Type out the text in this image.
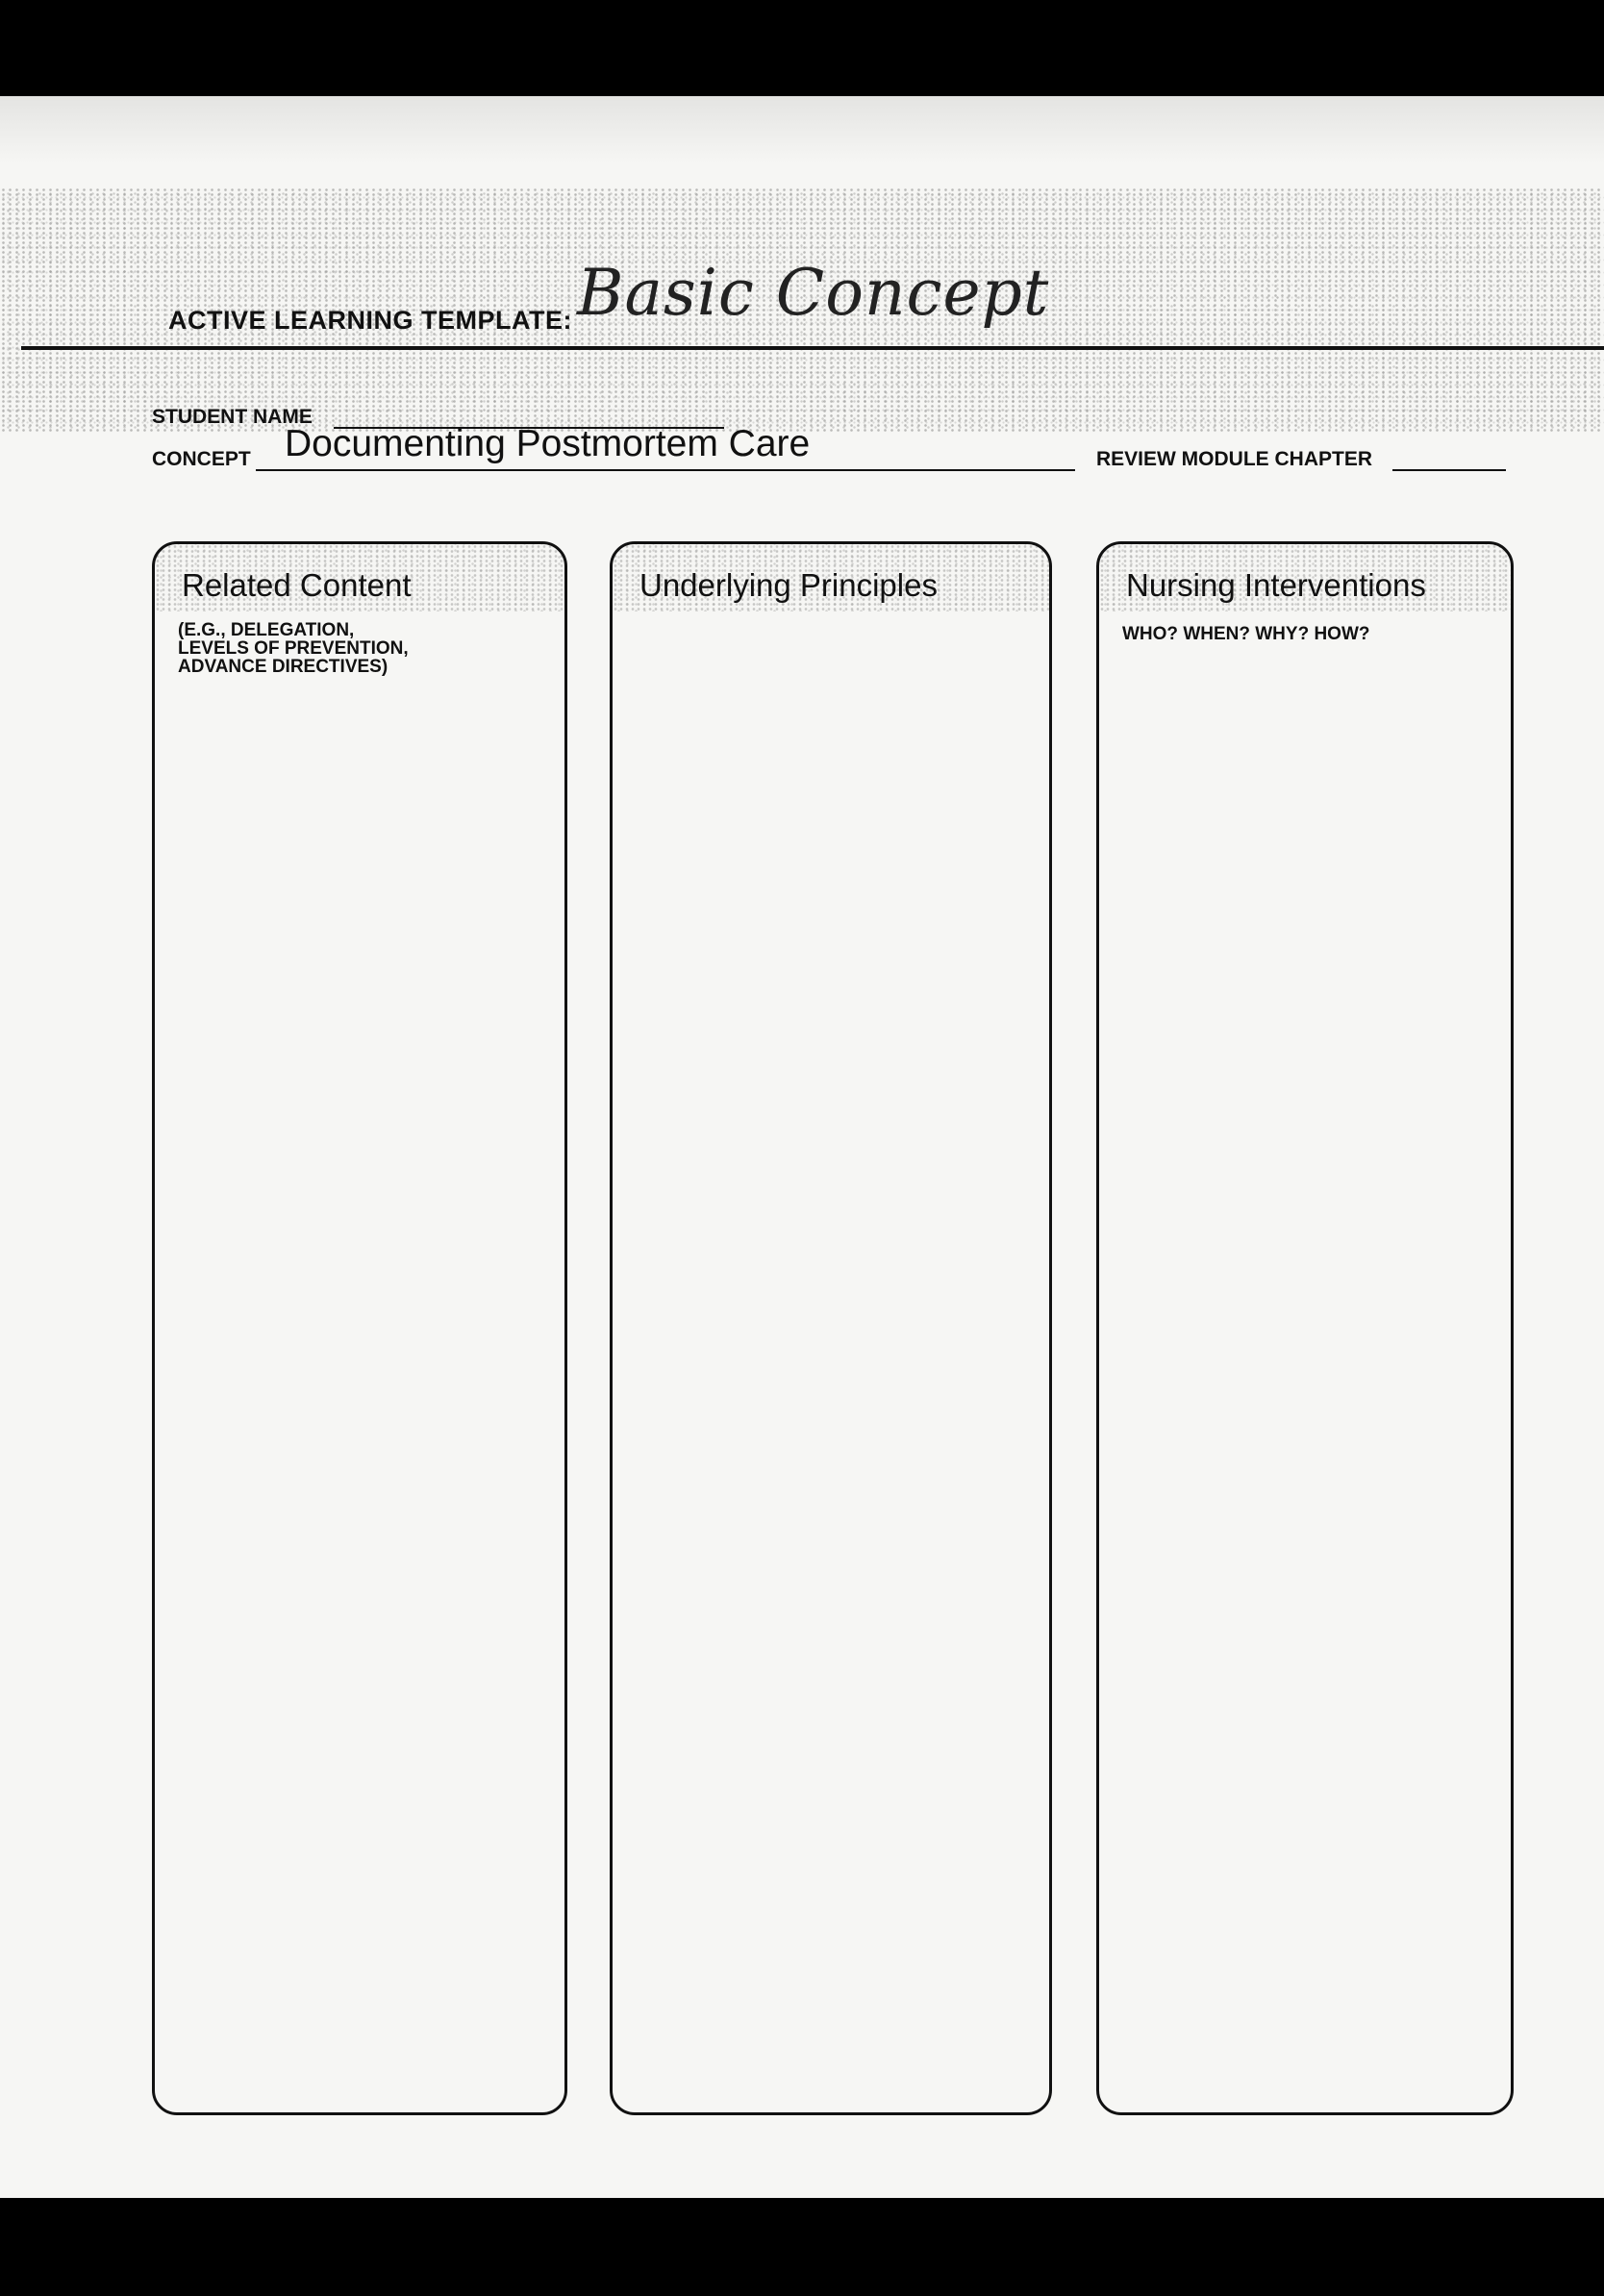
ACTIVE LEARNING TEMPLATE: Basic Concept
STUDENT NAME
CONCEPT Documenting Postmortem Care	REVIEW MODULE CHAPTER
Related Content
(E.G., DELEGATION,
LEVELS OF PREVENTION,
ADVANCE DIRECTIVES)
Underlying Principles	Nursing Interventions
WHO? WHEN? WHY? HOW?
